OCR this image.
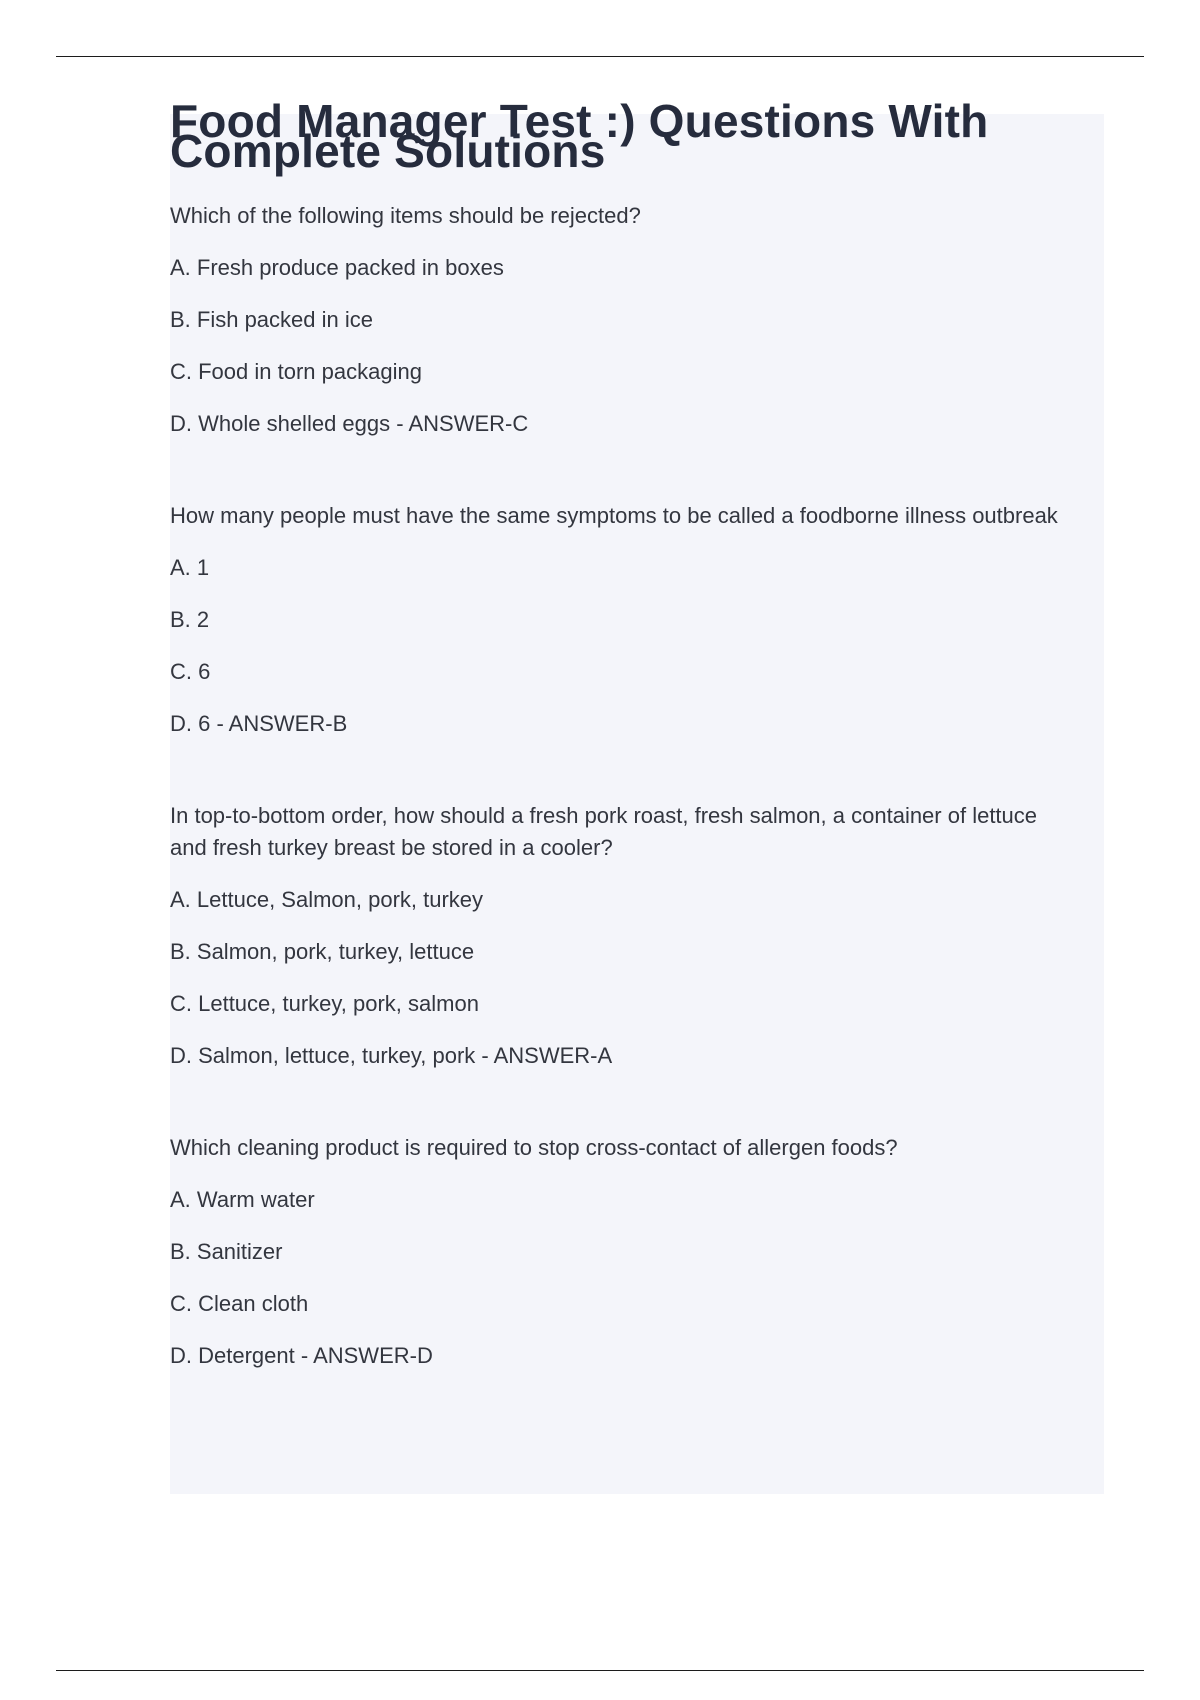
Food Manager Test :) Questions With Complete Solutions

Which of the following items should be rejected?

A. Fresh produce packed in boxes

B. Fish packed in ice

C. Food in torn packaging

D. Whole shelled eggs - ANSWER-C

How many people must have the same symptoms to be called a foodborne illness outbreak

A. 1

B. 2

C. 6

D. 6 - ANSWER-B

In top-to-bottom order, how should a fresh pork roast, fresh salmon, a container of lettuce and fresh turkey breast be stored in a cooler?

A. Lettuce, Salmon, pork, turkey

B. Salmon, pork, turkey, lettuce

C. Lettuce, turkey, pork, salmon

D. Salmon, lettuce, turkey, pork - ANSWER-A

Which cleaning product is required to stop cross-contact of allergen foods?

A. Warm water

B. Sanitizer

C. Clean cloth

D. Detergent - ANSWER-D
